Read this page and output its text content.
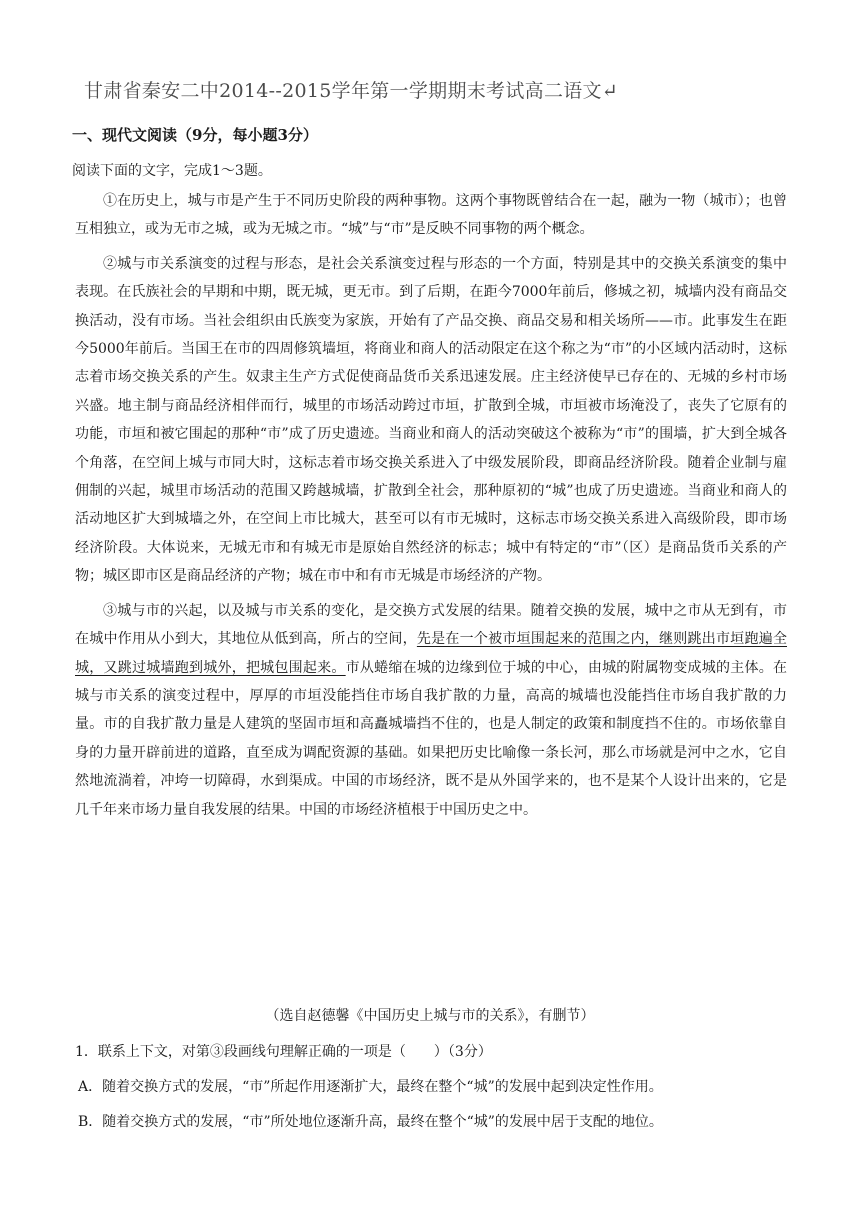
甘肃省秦安二中2014--2015学年第一学期期末考试高二语文↵
一、现代文阅读（9分，每小题3分）
阅读下面的文字，完成1～3题。

①在历史上，城与市是产生于不同历史阶段的两种事物。这两个事物既曾结合在一起，融为一物（城市）；也曾互相独立，或为无市之城，或为无城之市。“城”与“市”是反映不同事物的两个概念。

②城与市关系演变的过程与形态，是社会关系演变过程与形态的一个方面，特别是其中的交换关系演变的集中表现。在氏族社会的早期和中期，既无城，更无市。到了后期，在距今7000年前后，修城之初，城墙内没有商品交换活动，没有市场。当社会组织由氏族变为家族，开始有了产品交换、商品交易和相关场所——市。此事发生在距今5000年前后。当国王在市的四周修筑墙垣，将商业和商人的活动限定在这个称之为“市”的小区域内活动时，这标志着市场交换关系的产生。奴隶主生产方式促使商品货币关系迅速发展。庄主经济使早已存在的、无城的乡村市场兴盛。地主制与商品经济相伴而行，城里的市场活动跨过市垣，扩散到全城，市垣被市场淹没了，丧失了它原有的功能，市垣和被它围起的那种“市”成了历史遗迹。当商业和商人的活动突破这个被称为“市”的围墙，扩大到全城各个角落，在空间上城与市同大时，这标志着市场交换关系进入了中级发展阶段，即商品经济阶段。随着企业制与雇佣制的兴起，城里市场活动的范围又跨越城墙，扩散到全社会，那种原初的“城”也成了历史遗迹。当商业和商人的活动地区扩大到城墙之外，在空间上市比城大，甚至可以有市无城时，这标志市场交换关系进入高级阶段，即市场经济阶段。大体说来，无城无市和有城无市是原始自然经济的标志；城中有特定的“市”（区）是商品货币关系的产物；城区即市区是商品经济的产物；城在市中和有市无城是市场经济的产物。

③城与市的兴起，以及城与市关系的变化，是交换方式发展的结果。随着交换的发展，城中之市从无到有，市在城中作用从小到大，其地位从低到高，所占的空间，先是在一个被市垣围起来的范围之内，继则跳出市垣跑遍全城，又跳过城墙跑到城外，把城包围起来。市从蜷缩在城的边缘到位于城的中心，由城的附属物变成城的主体。在城与市关系的演变过程中，厚厚的市垣没能挡住市场自我扩散的力量，高高的城墙也没能挡住市场自我扩散的力量。市的自我扩散力量是人建筑的坚固市垣和高矗城墙挡不住的，也是人制定的政策和制度挡不住的。市场依靠自身的力量开辟前进的道路，直至成为调配资源的基础。如果把历史比喻像一条长河，那么市场就是河中之水，它自然地流淌着，冲垮一切障碍，水到渠成。中国的市场经济，既不是从外国学来的，也不是某个人设计出来的，它是几千年来市场力量自我发展的结果。中国的市场经济植根于中国历史之中。

（选自赵德馨《中国历史上城与市的关系》，有删节）
1．联系上下文，对第③段画线句理解正确的一项是（　　）（3分）
A．随着交换方式的发展，“市”所起作用逐渐扩大，最终在整个“城”的发展中起到决定性作用。
B．随着交换方式的发展，“市”所处地位逐渐升高，最终在整个“城”的发展中居于支配的地位。
